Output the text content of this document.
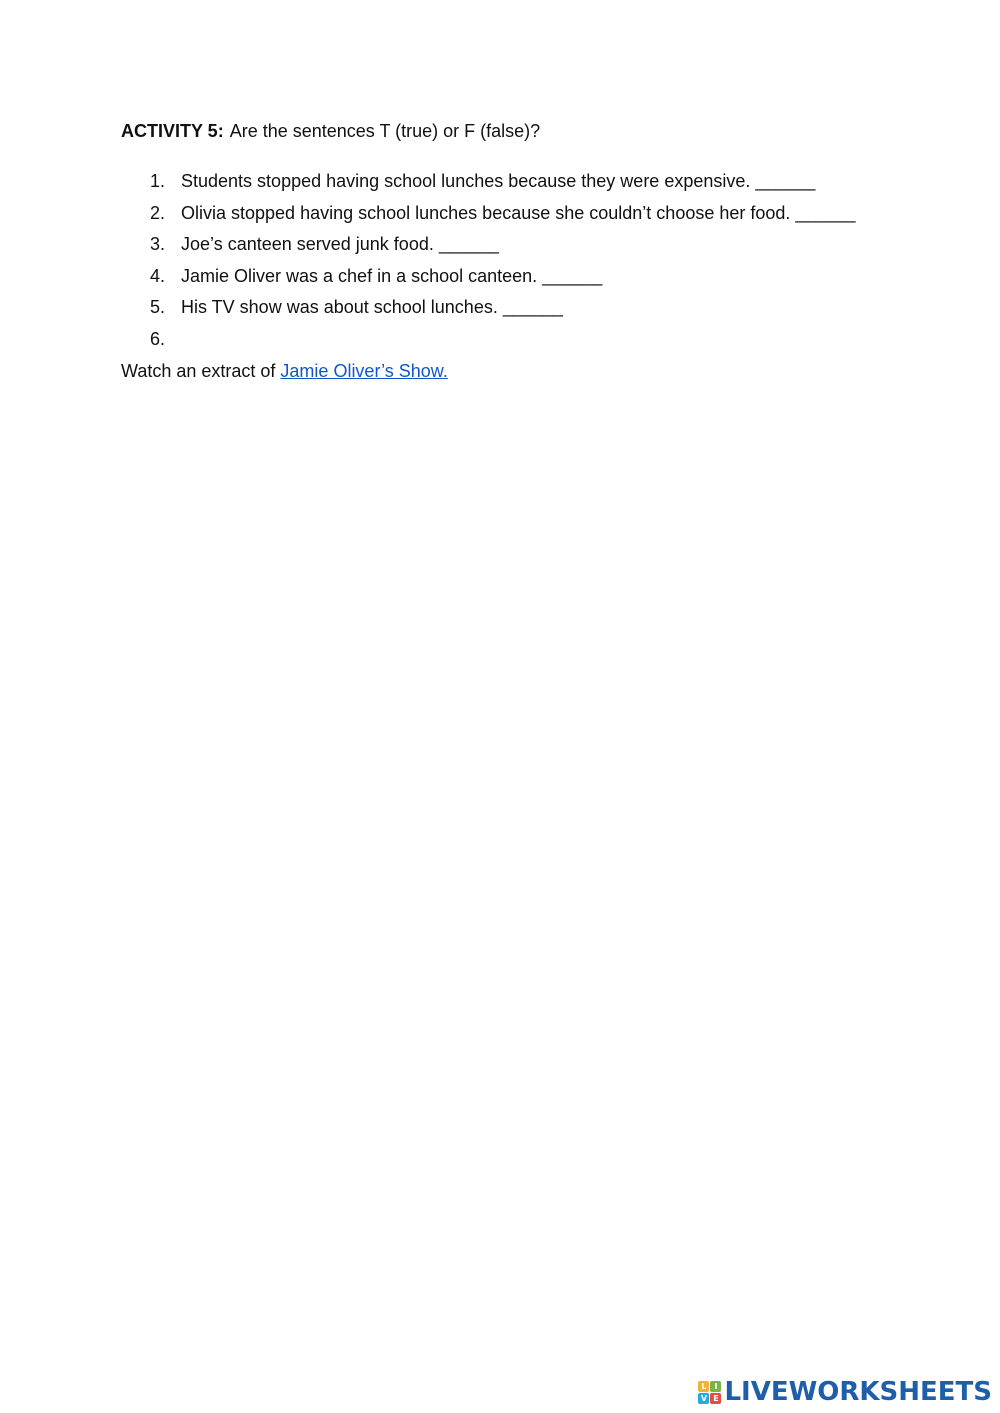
ACTIVITY 5: Are the sentences T (true) or F (false)?
1. Students stopped having school lunches because they were expensive. ______
2. Olivia stopped having school lunches because she couldn’t choose her food. ______
3. Joe’s canteen served junk food. ______
4. Jamie Oliver was a chef in a school canteen. ______
5. His TV show was about school lunches. ______
6.
Watch an extract of Jamie Oliver’s Show.
L I
V E LIVEWORKSHEETS
